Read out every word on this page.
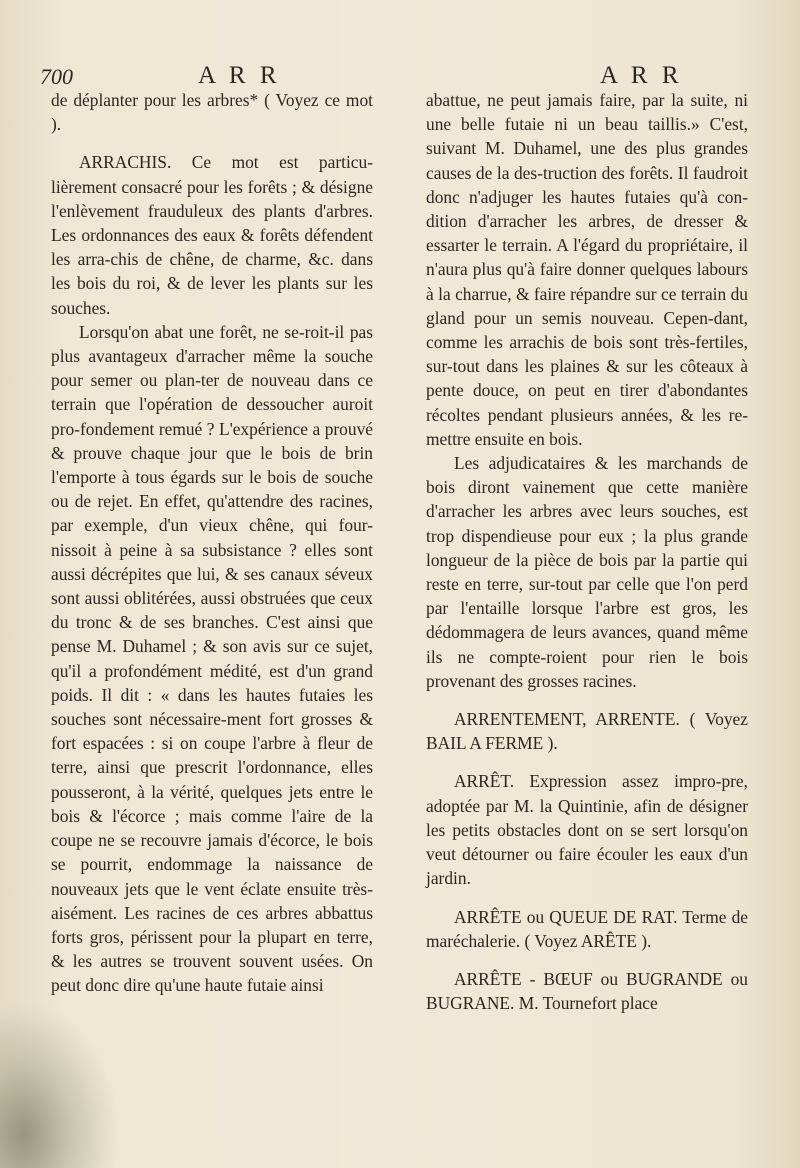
700	A R R	A R R

de déplanter pour les arbres* ( Voyez ce mot ).

ARRACHIS. Ce mot est particu-lièrement consacré pour les forêts ; & désigne l'enlèvement frauduleux des plants d'arbres. Les ordonnances des eaux & forêts défendent les arra-chis de chêne, de charme, &c. dans les bois du roi, & de lever les plants sur les souches.

Lorsqu'on abat une forêt, ne se-roit-il pas plus avantageux d'arracher même la souche pour semer ou plan-ter de nouveau dans ce terrain que l'opération de dessoucher auroit pro-fondement remué ? L'expérience a prouvé & prouve chaque jour que le bois de brin l'emporte à tous égards sur le bois de souche ou de rejet. En effet, qu'attendre des racines, par exemple, d'un vieux chêne, qui four-nissoit à peine à sa subsistance ? elles sont aussi décrépites que lui, & ses canaux séveux sont aussi oblitérées, aussi obstruées que ceux du tronc & de ses branches. C'est ainsi que pense M. Duhamel ; & son avis sur ce sujet, qu'il a profondément médité, est d'un grand poids. Il dit : « dans les hautes futaies les souches sont nécessaire-ment fort grosses & fort espacées : si on coupe l'arbre à fleur de terre, ainsi que prescrit l'ordonnance, elles pousseront, à la vérité, quelques jets entre le bois & l'écorce ; mais comme l'aire de la coupe ne se recouvre jamais d'écorce, le bois se pourrit, endommage la naissance de nouveaux jets que le vent éclate ensuite très-aisément. Les racines de ces arbres abbattus forts gros, périssent pour la plupart en terre, & les autres se trouvent souvent usées. On peut donc dire qu'une haute futaie ainsi

abattue, ne peut jamais faire, par la suite, ni une belle futaie ni un beau taillis.» C'est, suivant M. Duhamel, une des plus grandes causes de la des-truction des forêts. Il faudroit donc n'adjuger les hautes futaies qu'à con-dition d'arracher les arbres, de dresser & essarter le terrain. A l'égard du propriétaire, il n'aura plus qu'à faire donner quelques labours à la charrue, & faire répandre sur ce terrain du gland pour un semis nouveau. Cepen-dant, comme les arrachis de bois sont très-fertiles, sur-tout dans les plaines & sur les côteaux à pente douce, on peut en tirer d'abondantes récoltes pendant plusieurs années, & les re-mettre ensuite en bois.

Les adjudicataires & les marchands de bois diront vainement que cette manière d'arracher les arbres avec leurs souches, est trop dispendieuse pour eux ; la plus grande longueur de la pièce de bois par la partie qui reste en terre, sur-tout par celle que l'on perd par l'entaille lorsque l'arbre est gros, les dédommagera de leurs avances, quand même ils ne compte-roient pour rien le bois provenant des grosses racines.

ARRENTEMENT, ARRENTE. ( Voyez BAIL A FERME ).

ARRÊT. Expression assez impro-pre, adoptée par M. la Quintinie, afin de désigner les petits obstacles dont on se sert lorsqu'on veut détourner ou faire écouler les eaux d'un jardin.

ARRÊTE ou QUEUE DE RAT. Terme de maréchalerie. ( Voyez ARÊTE ).

ARRÊTE - BŒUF ou BUGRANDE ou BUGRANE. M. Tournefort place
